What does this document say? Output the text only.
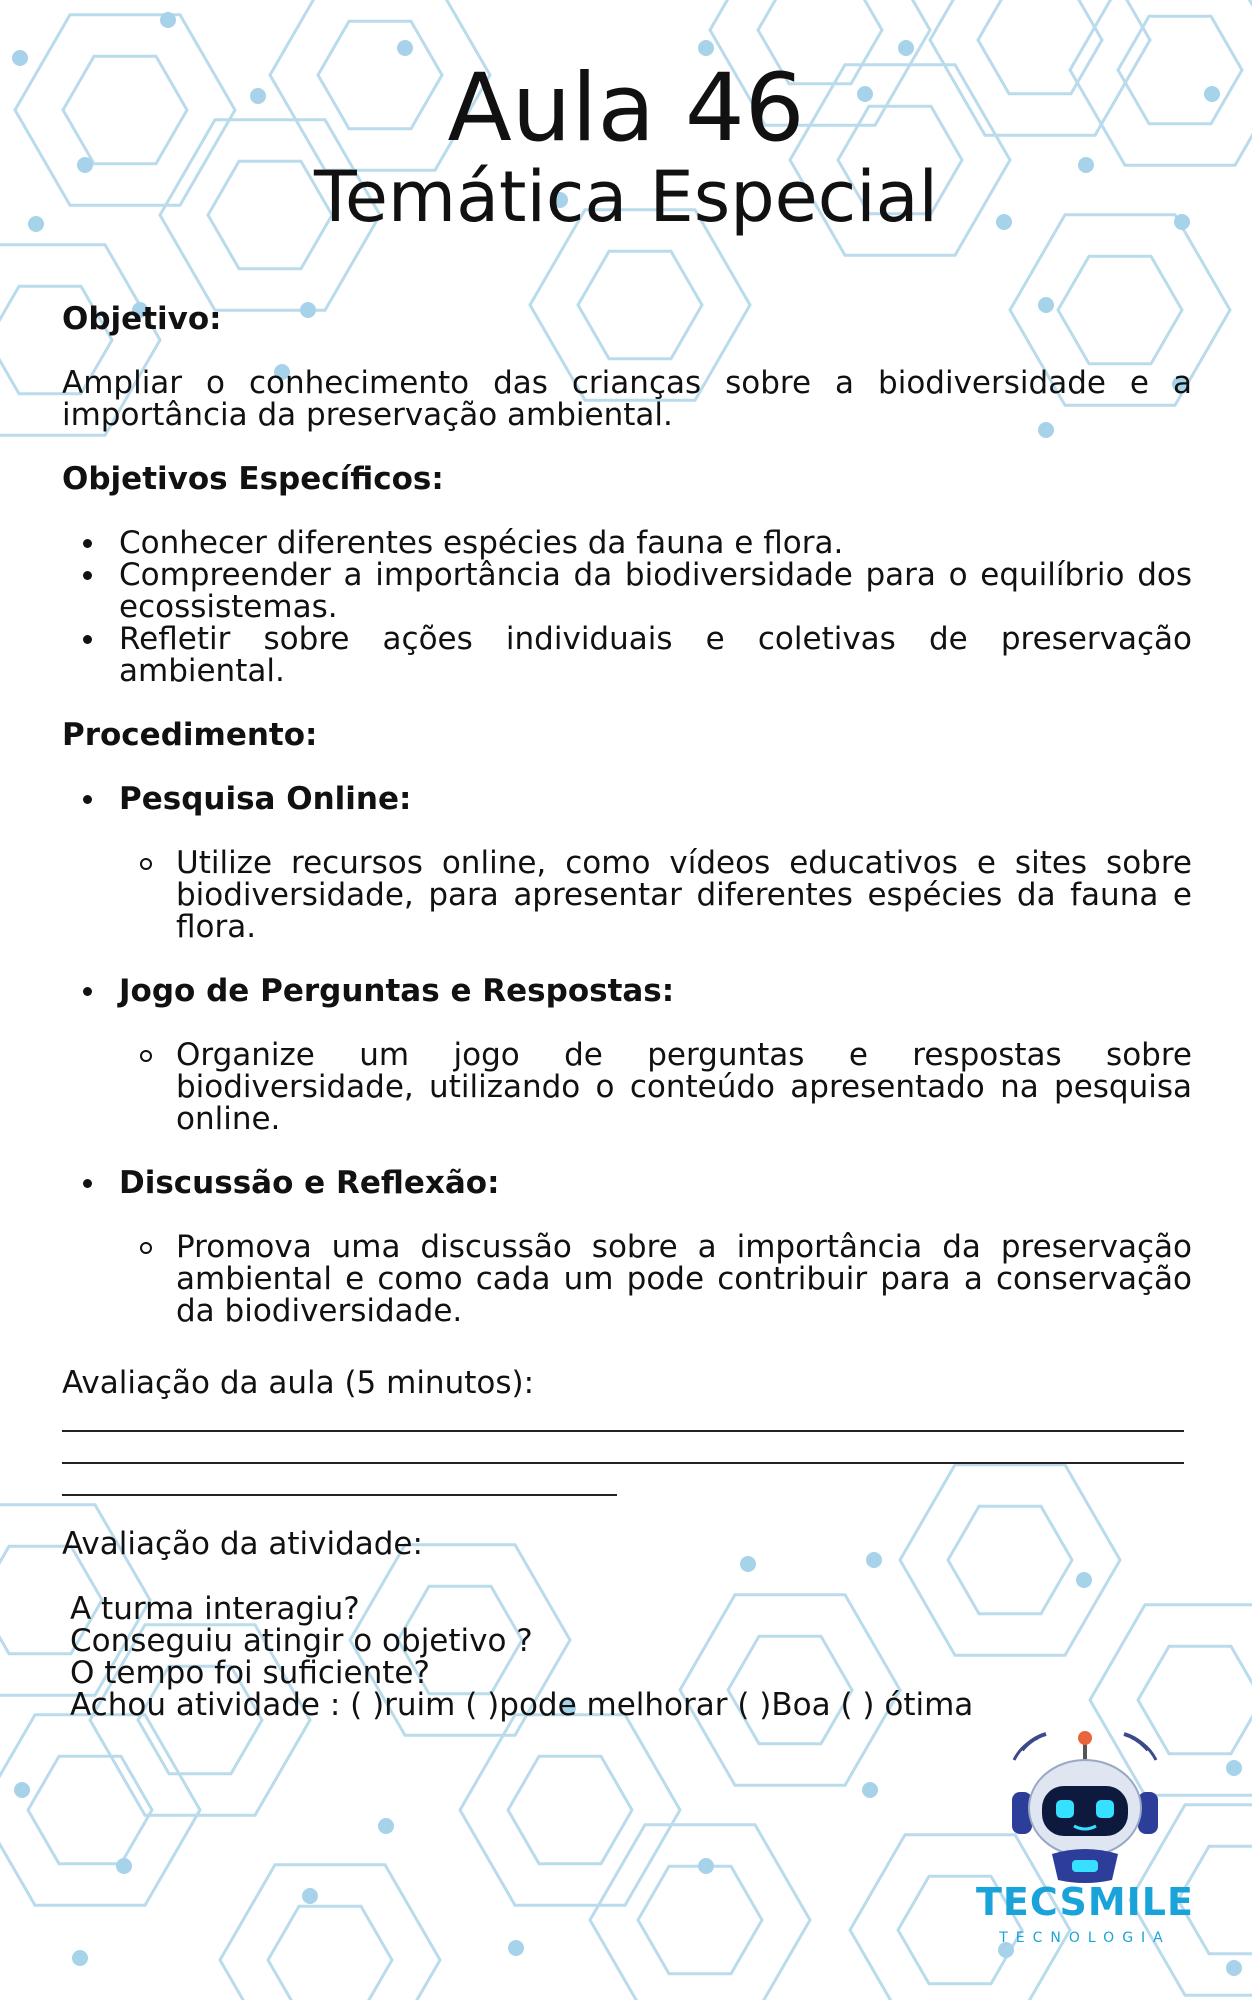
Aula 46
Temática Especial

Objetivo:

Ampliar o conhecimento das crianças sobre a biodiversidade e a importância da preservação ambiental.

Objetivos Específicos:

Conhecer diferentes espécies da fauna e flora.
Compreender a importância da biodiversidade para o equilíbrio dos ecossistemas.
Refletir sobre ações individuais e coletivas de preservação ambiental.

Procedimento:

Pesquisa Online:
Utilize recursos online, como vídeos educativos e sites sobre biodiversidade, para apresentar diferentes espécies da fauna e flora.
Jogo de Perguntas e Respostas:
Organize um jogo de perguntas e respostas sobre biodiversidade, utilizando o conteúdo apresentado na pesquisa online.
Discussão e Reflexão:
Promova uma discussão sobre a importância da preservação ambiental e como cada um pode contribuir para a conservação da biodiversidade.
Avaliação da aula (5 minutos):
Avaliação da atividade:
A turma interagiu?
Conseguiu atingir o objetivo ?
O tempo foi suficiente?
Achou atividade : ( )ruim ( )pode melhorar ( )Boa ( ) ótima
TECSMILE
TECNOLOGIA
